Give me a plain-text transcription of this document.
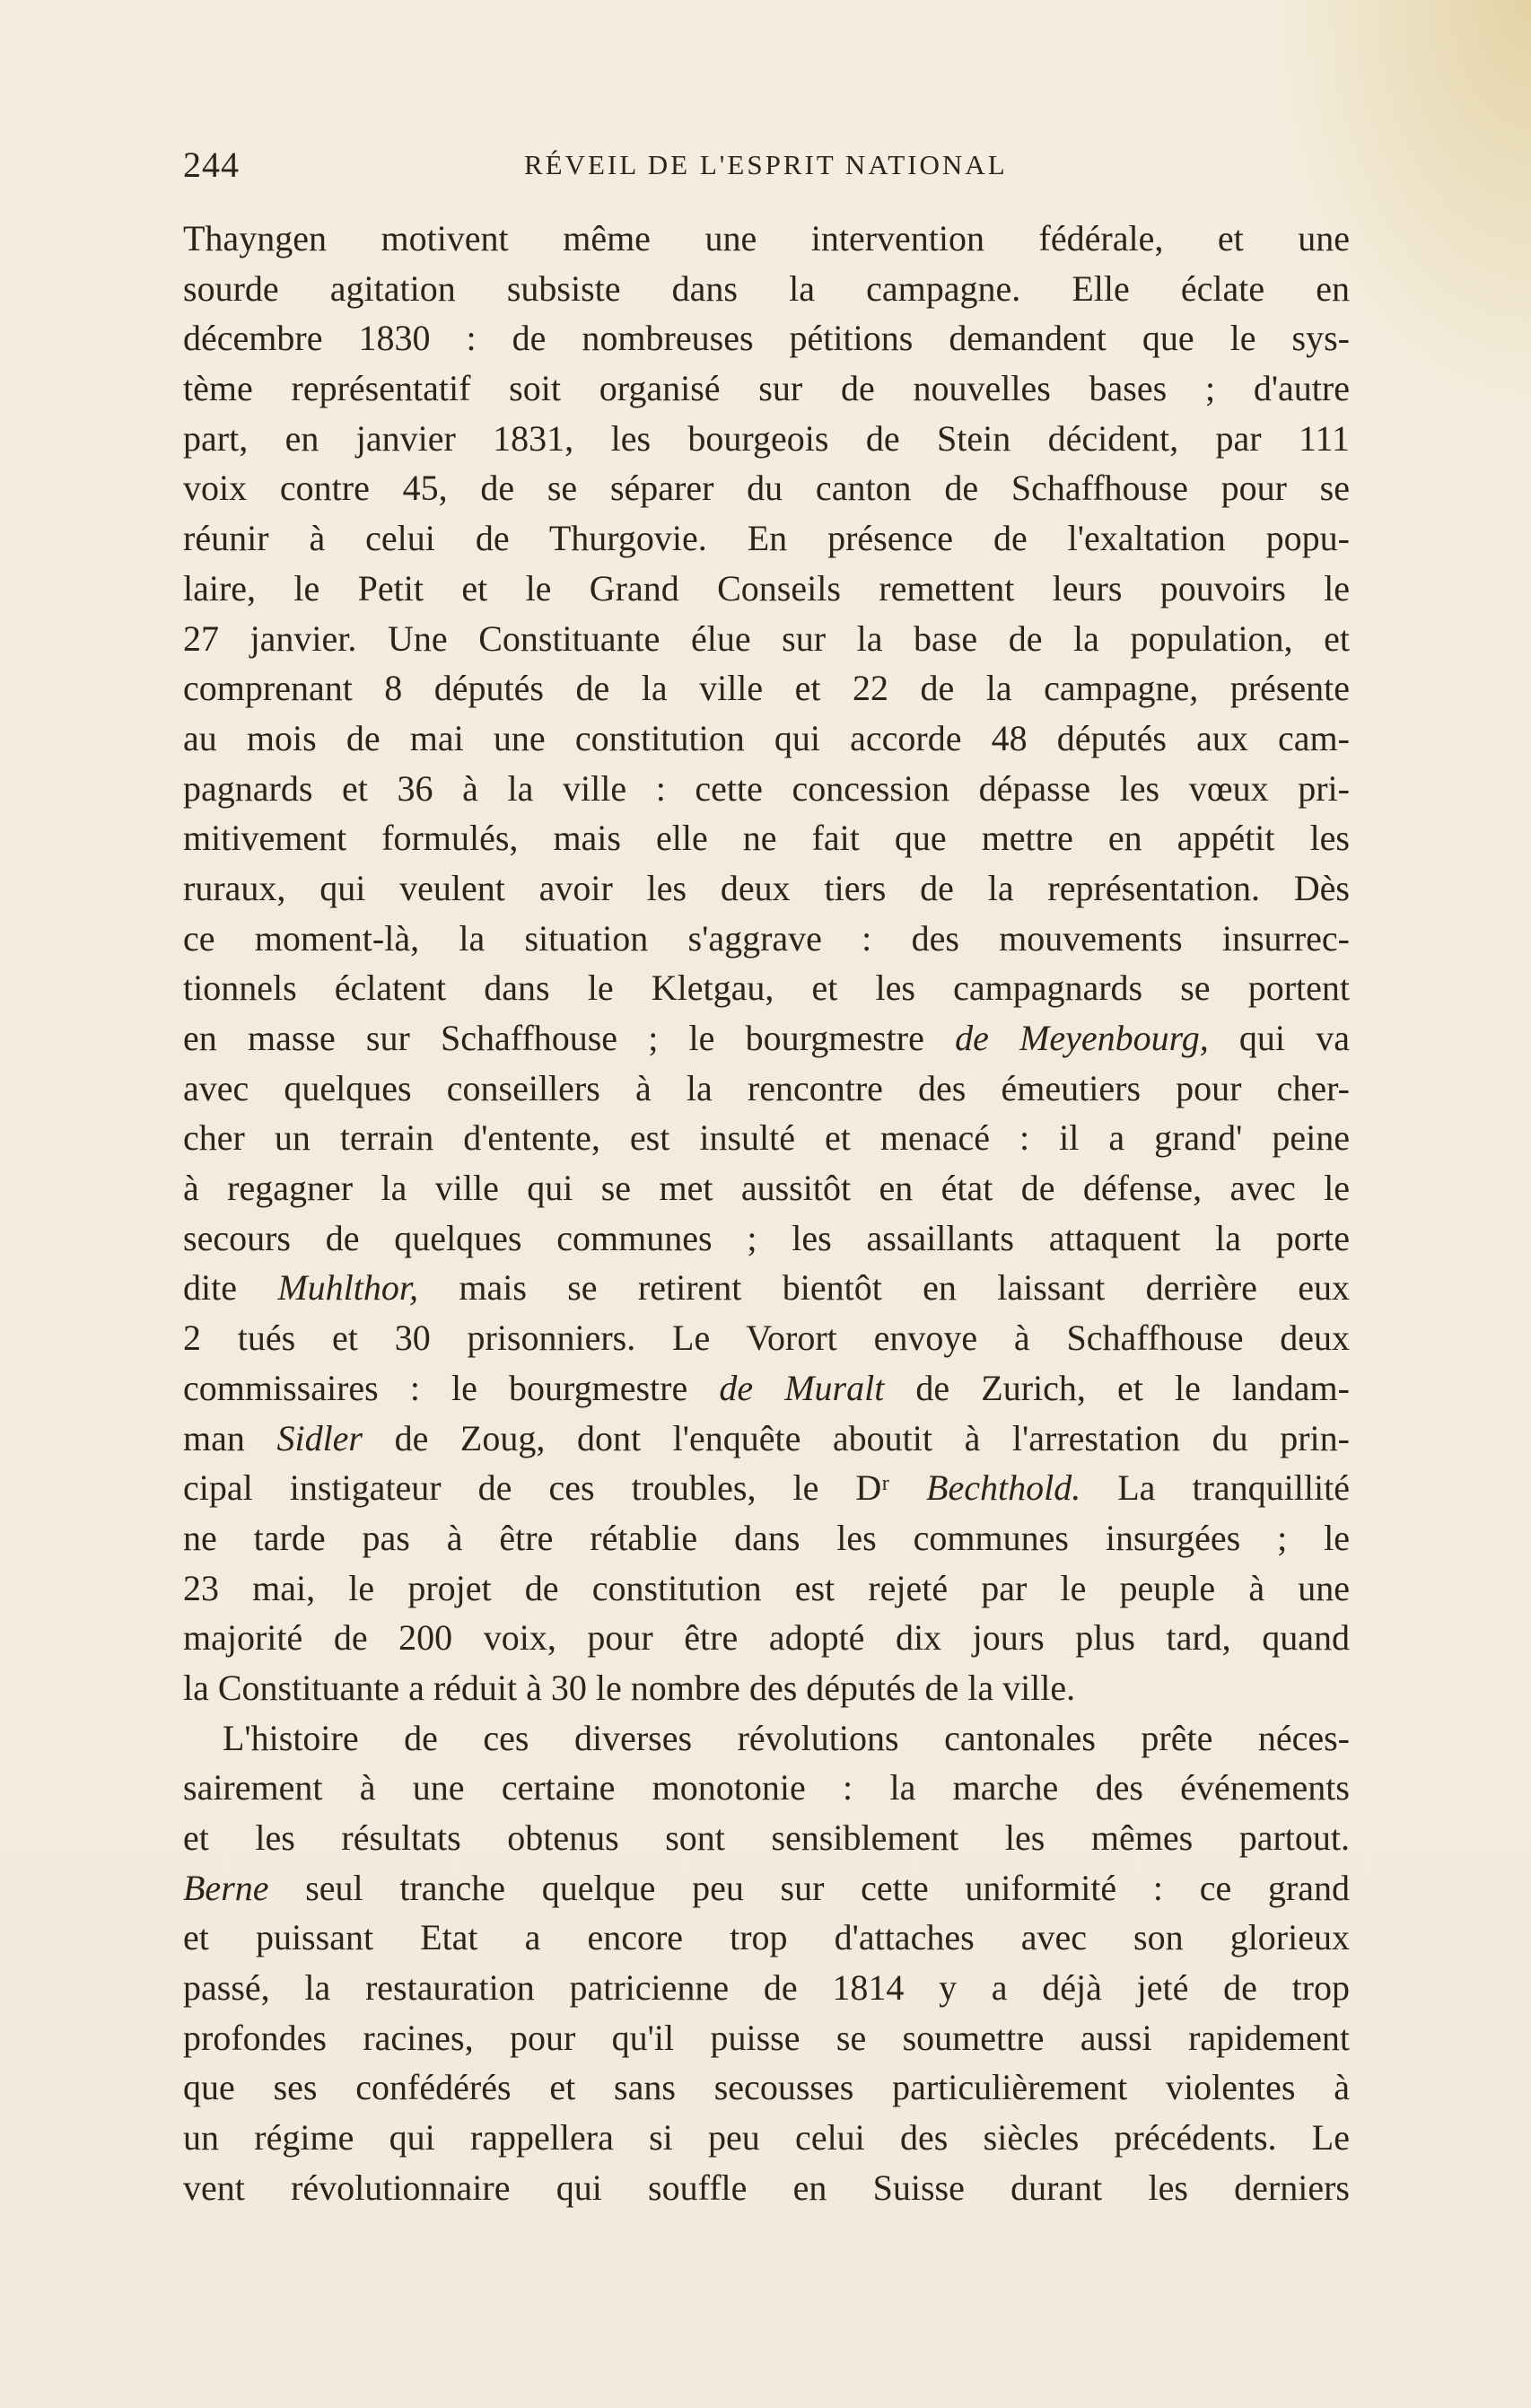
244	RÉVEIL DE L'ESPRIT NATIONAL
Thayngen motivent même une intervention fédérale, et une
sourde agitation subsiste dans la campagne. Elle éclate en
décembre 1830 : de nombreuses pétitions demandent que le sys-
tème représentatif soit organisé sur de nouvelles bases ; d'autre
part, en janvier 1831, les bourgeois de Stein décident, par 111
voix contre 45, de se séparer du canton de Schaffhouse pour se
réunir à celui de Thurgovie. En présence de l'exaltation popu-
laire, le Petit et le Grand Conseils remettent leurs pouvoirs le
27 janvier. Une Constituante élue sur la base de la population, et
comprenant 8 députés de la ville et 22 de la campagne, présente
au mois de mai une constitution qui accorde 48 députés aux cam-
pagnards et 36 à la ville : cette concession dépasse les vœux pri-
mitivement formulés, mais elle ne fait que mettre en appétit les
ruraux, qui veulent avoir les deux tiers de la représentation. Dès
ce moment-là, la situation s'aggrave : des mouvements insurrec-
tionnels éclatent dans le Kletgau, et les campagnards se portent
en masse sur Schaffhouse ; le bourgmestre de Meyenbourg, qui va
avec quelques conseillers à la rencontre des émeutiers pour cher-
cher un terrain d'entente, est insulté et menacé : il a grand' peine
à regagner la ville qui se met aussitôt en état de défense, avec le
secours de quelques communes ; les assaillants attaquent la porte
dite Muhlthor, mais se retirent bientôt en laissant derrière eux
2 tués et 30 prisonniers. Le Vorort envoye à Schaffhouse deux
commissaires : le bourgmestre de Muralt de Zurich, et le landam-
man Sidler de Zoug, dont l'enquête aboutit à l'arrestation du prin-
cipal instigateur de ces troubles, le Dʳ Bechthold. La tranquillité
ne tarde pas à être rétablie dans les communes insurgées ; le
23 mai, le projet de constitution est rejeté par le peuple à une
majorité de 200 voix, pour être adopté dix jours plus tard, quand
la Constituante a réduit à 30 le nombre des députés de la ville.
L'histoire de ces diverses révolutions cantonales prête néces-
sairement à une certaine monotonie : la marche des événements
et les résultats obtenus sont sensiblement les mêmes partout.
Berne seul tranche quelque peu sur cette uniformité : ce grand
et puissant Etat a encore trop d'attaches avec son glorieux
passé, la restauration patricienne de 1814 y a déjà jeté de trop
profondes racines, pour qu'il puisse se soumettre aussi rapidement
que ses confédérés et sans secousses particulièrement violentes à
un régime qui rappellera si peu celui des siècles précédents. Le
vent révolutionnaire qui souffle en Suisse durant les derniers
